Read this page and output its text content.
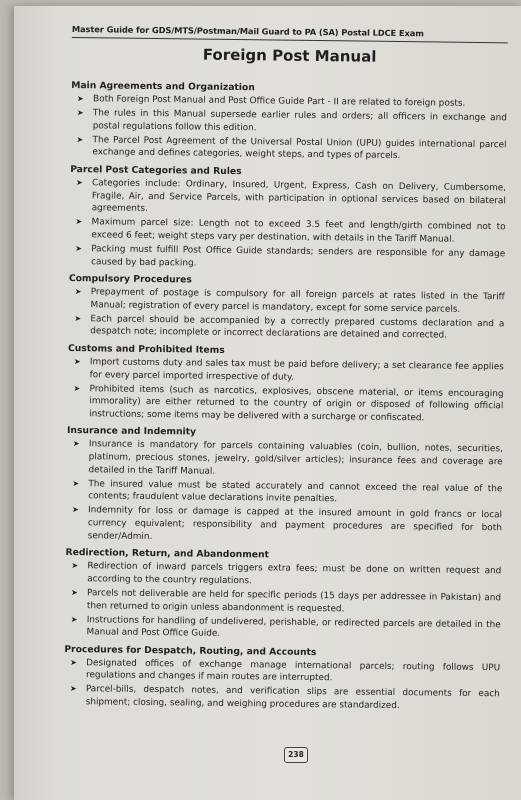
Master Guide for GDS/MTS/Postman/Mail Guard to PA (SA) Postal LDCE Exam
Foreign Post Manual
Main Agreements and Organization
➤ Both Foreign Post Manual and Post Office Guide Part - II are related to foreign posts.
➤ The rules in this Manual supersede earlier rules and orders; all officers in exchange and postal regulations follow this edition.
➤ The Parcel Post Agreement of the Universal Postal Union (UPU) guides international parcel exchange and defines categories, weight steps, and types of parcels.
Parcel Post Categories and Rules
➤ Categories include: Ordinary, Insured, Urgent, Express, Cash on Delivery, Cumbersome, Fragile, Air, and Service Parcels, with participation in optional services based on bilateral agreements.
➤ Maximum parcel size: Length not to exceed 3.5 feet and length/girth combined not to exceed 6 feet; weight steps vary per destination, with details in the Tariff Manual.
➤ Packing must fulfill Post Office Guide standards; senders are responsible for any damage caused by bad packing.
Compulsory Procedures
➤ Prepayment of postage is compulsory for all foreign parcels at rates listed in the Tariff Manual; registration of every parcel is mandatory, except for some service parcels.
➤ Each parcel should be accompanied by a correctly prepared customs declaration and a despatch note; incomplete or incorrect declarations are detained and corrected.
Customs and Prohibited Items
➤ Import customs duty and sales tax must be paid before delivery; a set clearance fee applies for every parcel imported irrespective of duty.
➤ Prohibited items (such as narcotics, explosives, obscene material, or items encouraging immorality) are either returned to the country of origin or disposed of following official instructions; some items may be delivered with a surcharge or confiscated.
Insurance and Indemnity
➤ Insurance is mandatory for parcels containing valuables (coin, bullion, notes, securities, platinum, precious stones, jewelry, gold/silver articles); insurance fees and coverage are detailed in the Tariff Manual.
➤ The insured value must be stated accurately and cannot exceed the real value of the contents; fraudulent value declarations invite penalties.
➤ Indemnity for loss or damage is capped at the insured amount in gold francs or local currency equivalent; responsibility and payment procedures are specified for both sender/Admin.
Redirection, Return, and Abandonment
➤ Redirection of inward parcels triggers extra fees; must be done on written request and according to the country regulations.
➤ Parcels not deliverable are held for specific periods (15 days per addressee in Pakistan) and then returned to origin unless abandonment is requested.
➤ Instructions for handling of undelivered, perishable, or redirected parcels are detailed in the Manual and Post Office Guide.
Procedures for Despatch, Routing, and Accounts
➤ Designated offices of exchange manage international parcels; routing follows UPU regulations and changes if main routes are interrupted.
➤ Parcel-bills, despatch notes, and verification slips are essential documents for each shipment; closing, sealing, and weighing procedures are standardized.
238
